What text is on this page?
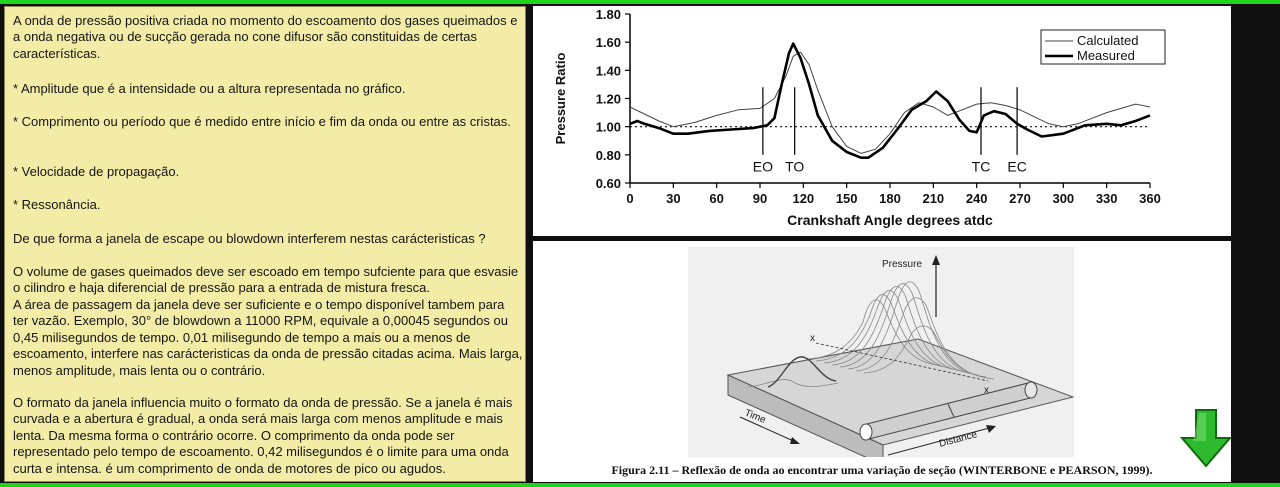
A onda de pressão positiva criada no momento do escoamento dos gases queimados e a onda negativa ou de sucção gerada no cone difusor são constituidas de certas características.

* Amplitude que é a intensidade ou a altura representada no gráfico.

* Comprimento ou período que é medido entre início e fim da onda ou entre as cristas.

* Velocidade de propagação.

* Ressonância.

De que forma a janela de escape ou blowdown interferem nestas carácteristicas ?

O volume de gases queimados deve ser escoado em tempo sufciente para que esvasie o cilindro e haja diferencial de pressão para a entrada de mistura fresca.

A área de passagem da janela deve ser suficiente e o tempo disponível tambem para ter vazão. Exemplo, 30° de blowdown a 11000 RPM, equivale a 0,00045 segundos ou 0,45 milisegundos de tempo. 0,01 milisegundo de tempo a mais ou a menos de escoamento, interfere nas carácteristicas da onda de pressão citadas acima. Mais larga, menos amplitude, mais lenta ou o contrário.

O formato da janela influencia muito o formato da onda de pressão. Se a janela é mais curvada e a abertura é gradual, a onda será mais larga com menos amplitude e mais lenta. Da mesma forma o contrário ocorre. O comprimento da onda pode ser representado pelo tempo de escoamento. 0,42 milisegundos é o limite para uma onda curta e intensa. é um comprimento de onda de motores de pico ou agudos.

0.60
0.80
1.00
1.20
1.40
1.60
1.80
0 30 60 90 120 150 180 210 240 270 300 330 360
Crankshaft Angle degrees atdc
Pressure Ratio
EO TO	TC EC
Calculated
Measured
Pressure
x
x
Time
Distance
Figura 2.11 – Reflexão de onda ao encontrar uma variação de seção (WINTERBONE e PEARSON, 1999).
